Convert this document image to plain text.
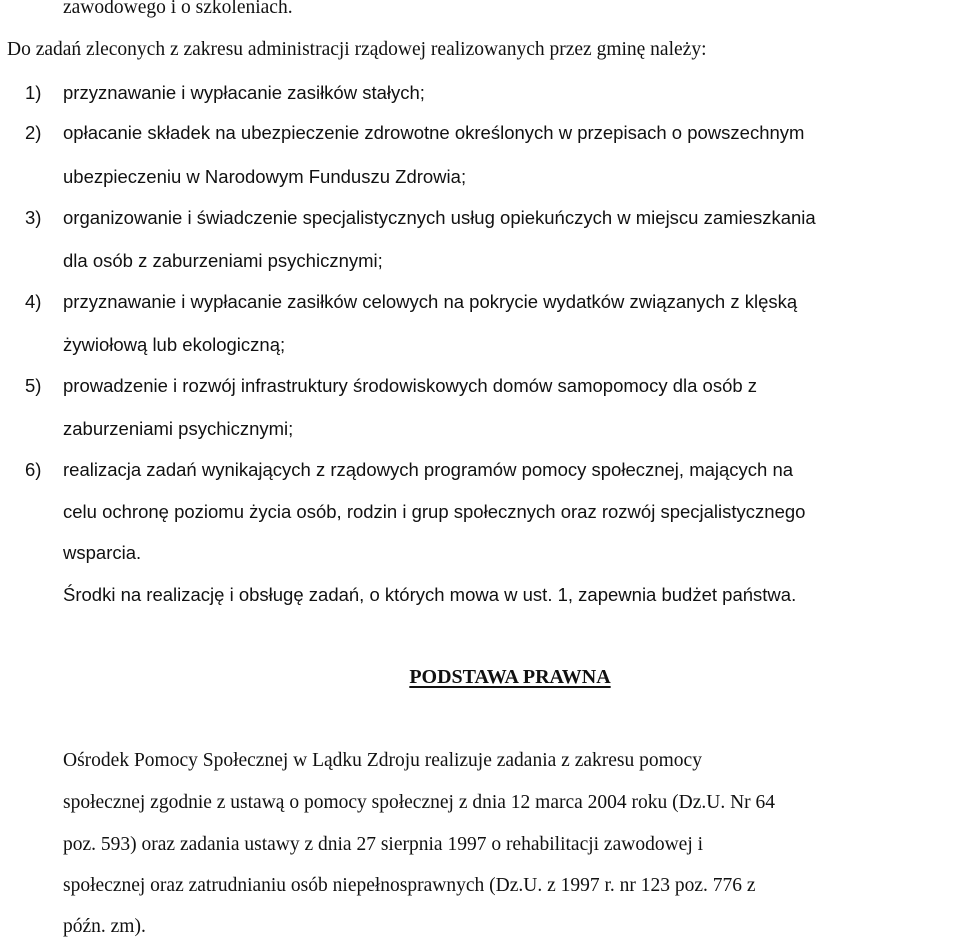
zawodowego i o szkoleniach.
Do zadań zleconych z zakresu administracji rządowej realizowanych przez gminę należy:
1) przyznawanie i wypłacanie zasiłków stałych;
2) opłacanie składek na ubezpieczenie zdrowotne określonych w przepisach o powszechnym
ubezpieczeniu w Narodowym Funduszu Zdrowia;
3) organizowanie i świadczenie specjalistycznych usług opiekuńczych w miejscu zamieszkania
dla osób z zaburzeniami psychicznymi;
4) przyznawanie i wypłacanie zasiłków celowych na pokrycie wydatków związanych z klęską
żywiołową lub ekologiczną;
5) prowadzenie i rozwój infrastruktury środowiskowych domów samopomocy dla osób z
zaburzeniami psychicznymi;
6) realizacja zadań wynikających z rządowych programów pomocy społecznej, mających na
celu ochronę poziomu życia osób, rodzin i grup społecznych oraz rozwój specjalistycznego
wsparcia.
Środki na realizację i obsługę zadań, o których mowa w ust. 1, zapewnia budżet państwa.
PODSTAWA PRAWNA
Ośrodek Pomocy Społecznej w Lądku Zdroju realizuje zadania z zakresu pomocy
społecznej zgodnie z ustawą o pomocy społecznej z dnia 12 marca 2004 roku (Dz.U. Nr 64
poz. 593) oraz zadania ustawy z dnia 27 sierpnia 1997 o rehabilitacji zawodowej i
społecznej oraz zatrudnianiu osób niepełnosprawnych (Dz.U. z 1997 r. nr 123 poz. 776 z
późn. zm).
